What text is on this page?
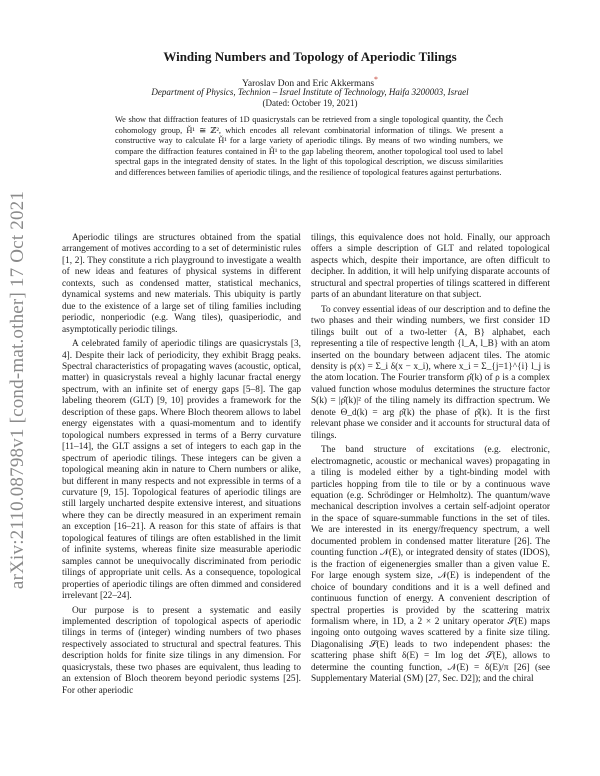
arXiv:2110.08798v1 [cond-mat.other] 17 Oct 2021
Winding Numbers and Topology of Aperiodic Tilings
Yaroslav Don and Eric Akkermans*
Department of Physics, Technion – Israel Institute of Technology, Haifa 3200003, Israel
(Dated: October 19, 2021)
We show that diffraction features of 1D quasicrystals can be retrieved from a single topological quantity, the Čech cohomology group, Ȟ¹ ≅ ℤ², which encodes all relevant combinatorial information of tilings. We present a constructive way to calculate Ȟ¹ for a large variety of aperiodic tilings. By means of two winding numbers, we compare the diffraction features contained in Ȟ¹ to the gap labeling theorem, another topological tool used to label spectral gaps in the integrated density of states. In the light of this topological description, we discuss similarities and differences between families of aperiodic tilings, and the resilience of topological features against perturbations.

Aperiodic tilings are structures obtained from the spatial arrangement of motives according to a set of deterministic rules [1, 2]. They constitute a rich playground to investigate a wealth of new ideas and features of physical systems in different contexts, such as condensed matter, statistical mechanics, dynamical systems and new materials. This ubiquity is partly due to the existence of a large set of tiling families including periodic, nonperiodic (e.g. Wang tiles), quasiperiodic, and asymptotically periodic tilings.

A celebrated family of aperiodic tilings are quasicrystals [3, 4]. Despite their lack of periodicity, they exhibit Bragg peaks. Spectral characteristics of propagating waves (acoustic, optical, matter) in quasicrystals reveal a highly lacunar fractal energy spectrum, with an infinite set of energy gaps [5–8]. The gap labeling theorem (GLT) [9, 10] provides a framework for the description of these gaps. Where Bloch theorem allows to label energy eigenstates with a quasi-momentum and to identify topological numbers expressed in terms of a Berry curvature [11–14], the GLT assigns a set of integers to each gap in the spectrum of aperiodic tilings. These integers can be given a topological meaning akin in nature to Chern numbers or alike, but different in many respects and not expressible in terms of a curvature [9, 15]. Topological features of aperiodic tilings are still largely uncharted despite extensive interest, and situations where they can be directly measured in an experiment remain an exception [16–21]. A reason for this state of affairs is that topological features of tilings are often established in the limit of infinite systems, whereas finite size measurable aperiodic samples cannot be unequivocally discriminated from periodic tilings of appropriate unit cells. As a consequence, topological properties of aperiodic tilings are often dimmed and considered irrelevant [22–24].

Our purpose is to present a systematic and easily implemented description of topological aspects of aperiodic tilings in terms of (integer) winding numbers of two phases respectively associated to structural and spectral features. This description holds for finite size tilings in any dimension. For quasicrystals, these two phases are equivalent, thus leading to an extension of Bloch theorem beyond periodic systems [25]. For other aperiodic

tilings, this equivalence does not hold. Finally, our approach offers a simple description of GLT and related topological aspects which, despite their importance, are often difficult to decipher. In addition, it will help unifying disparate accounts of structural and spectral properties of tilings scattered in different parts of an abundant literature on that subject.

To convey essential ideas of our description and to define the two phases and their winding numbers, we first consider 1D tilings built out of a two-letter {A, B} alphabet, each representing a tile of respective length {l_A, l_B} with an atom inserted on the boundary between adjacent tiles. The atomic density is ρ(x) = Σ_i δ(x − x_i), where x_i = Σ_{j=1}^{i} l_j is the atom location. The Fourier transform ρ̂(k) of ρ is a complex valued function whose modulus determines the structure factor S(k) = |ρ̂(k)|² of the tiling namely its diffraction spectrum. We denote Θ_d(k) = arg ρ̂(k) the phase of ρ̂(k). It is the first relevant phase we consider and it accounts for structural data of tilings.

The band structure of excitations (e.g. electronic, electromagnetic, acoustic or mechanical waves) propagating in a tiling is modeled either by a tight-binding model with particles hopping from tile to tile or by a continuous wave equation (e.g. Schrödinger or Helmholtz). The quantum/wave mechanical description involves a certain self-adjoint operator in the space of square-summable functions in the set of tiles. We are interested in its energy/frequency spectrum, a well documented problem in condensed matter literature [26]. The counting function 𝒩(E), or integrated density of states (IDOS), is the fraction of eigenenergies smaller than a given value E. For large enough system size, 𝒩(E) is independent of the choice of boundary conditions and it is a well defined and continuous function of energy. A convenient description of spectral properties is provided by the scattering matrix formalism where, in 1D, a 2 × 2 unitary operator 𝒮(E) maps ingoing onto outgoing waves scattered by a finite size tiling. Diagonalising 𝒮(E) leads to two independent phases: the scattering phase shift δ(E) = Im log det 𝒮(E), allows to determine the counting function, 𝒩(E) = δ(E)/π [26] (see Supplementary Material (SM) [27, Sec. D2]); and the chiral
